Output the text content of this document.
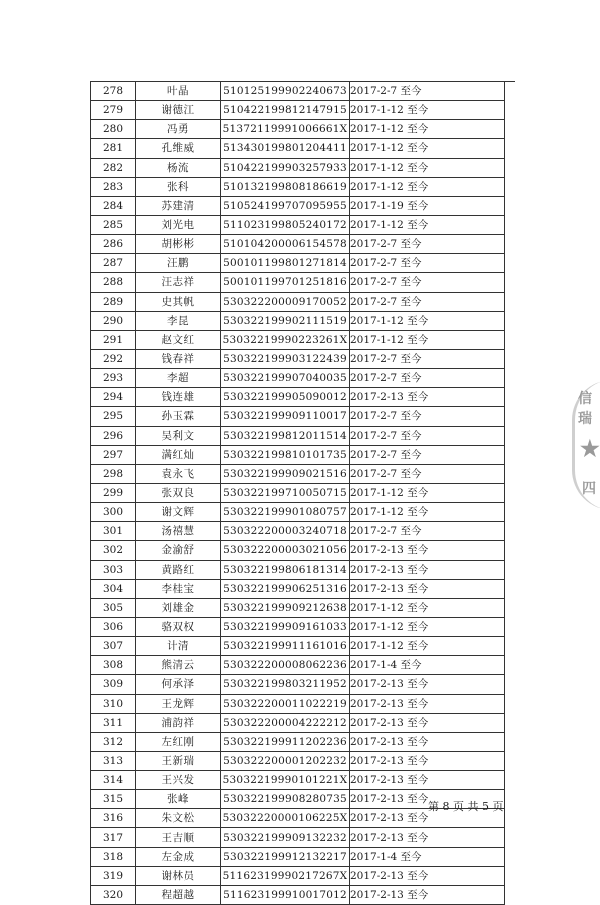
278	叶晶	510125199902240673	2017-2-7 至今
279	谢德江	510422199812147915	2017-1-12 至今
280	冯勇	51372119991006661X	2017-1-12 至今
281	孔维威	513430199801204411	2017-1-12 至今
282	杨流	510422199903257933	2017-1-12 至今
283	张科	510132199808186619	2017-1-12 至今
284	苏建清	510524199707095955	2017-1-19 至今
285	刘光电	511023199805240172	2017-1-12 至今
286	胡彬彬	510104200006154578	2017-2-7 至今
287	汪鹏	500101199801271814	2017-2-7 至今
288	汪志祥	500101199701251816	2017-2-7 至今
289	史其帆	530322200009170052	2017-2-7 至今
290	李昆	530322199902111519	2017-1-12 至今
291	赵文红	53032219990223261X	2017-1-12 至今
292	钱春祥	530322199903122439	2017-2-7 至今
293	李超	530322199907040035	2017-2-7 至今
294	钱连雄	530322199905090012	2017-2-13 至今
295	孙玉霖	530322199909110017	2017-2-7 至今
296	吴利文	530322199812011514	2017-2-7 至今
297	满红灿	530322199810101735	2017-2-7 至今
298	袁永飞	530322199909021516	2017-2-7 至今
299	张双良	530322199710050715	2017-1-12 至今
300	谢文辉	530322199901080757	2017-1-12 至今
301	汤禧慧	530322200003240718	2017-2-7 至今
302	金渝舒	530322200003021056	2017-2-13 至今
303	黄路红	530322199806181314	2017-2-13 至今
304	李桂宝	530322199906251316	2017-2-13 至今
305	刘雄金	530322199909212638	2017-1-12 至今
306	骆双权	530322199909161033	2017-1-12 至今
307	计清	530322199911161016	2017-1-12 至今
308	熊清云	530322200008062236	2017-1-4 至今
309	何承泽	530322199803211952	2017-2-13 至今
310	王龙辉	530322200011022219	2017-2-13 至今
311	浦韵祥	530322200004222212	2017-2-13 至今
312	左红刚	530322199911202236	2017-2-13 至今
313	王新瑞	530322200001202232	2017-2-13 至今
314	王兴发	53032219990101221X	2017-2-13 至今
315	张峰	530322199908280735	2017-2-13 至今
316	朱文松	53032220000106225X	2017-2-13 至今
317	王吉顺	530322199909132232	2017-2-13 至今
318	左金成	530322199912132217	2017-1-4 至今
319	谢林员	51162319990217267X	2017-2-13 至今
320	程超越	511623199910017012	2017-2-13 至今
信瑞
★
四
第 8 页 共 5 页
